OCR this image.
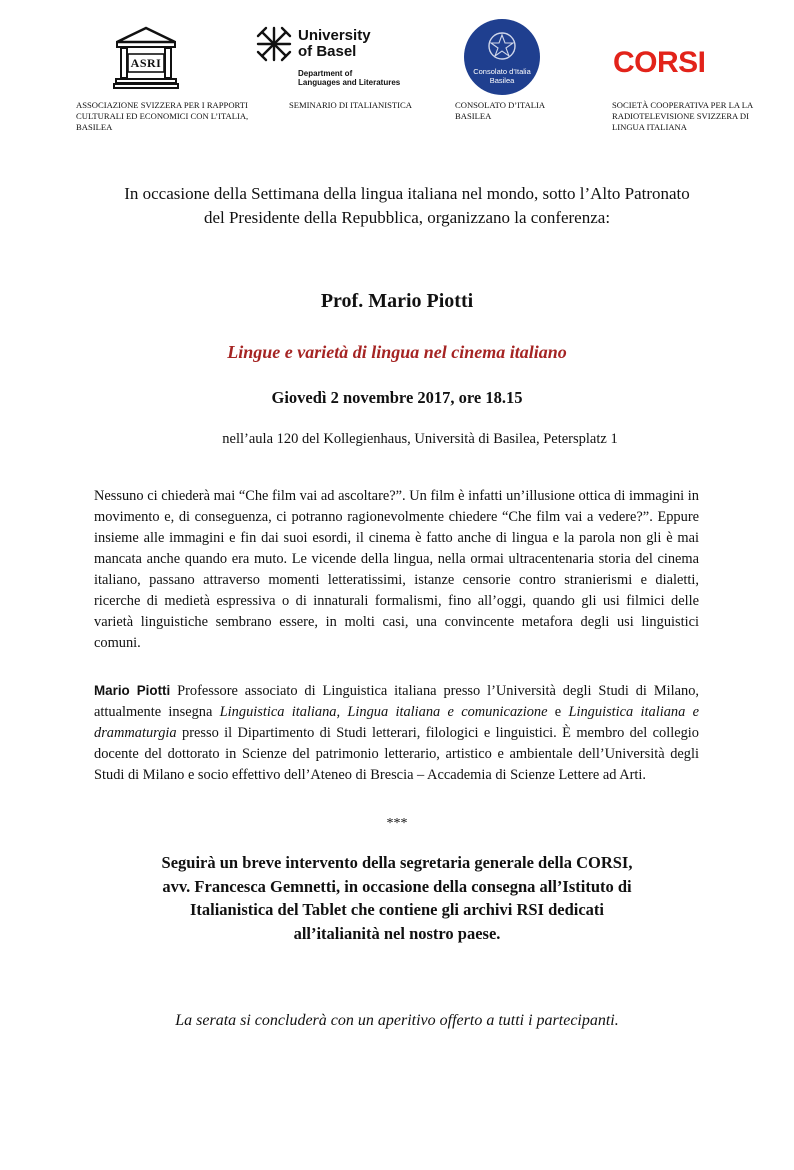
ASRI
University
of Basel
Department of
Languages and Literatures
Consolato d’Italia Basilea
CORSI
ASSOCIAZIONE SVIZZERA PER I RAPPORTI CULTURALI ED ECONOMICI CON L’ITALIA, BASILEA
SEMINARIO DI ITALIANISTICA	CONSOLATO D’ITALIA BASILEA
SOCIETÀ COOPERATIVA PER LA LA RADIOTELEVISIONE SVIZZERA DI LINGUA ITALIANA
In occasione della Settimana della lingua italiana nel mondo, sotto l’Alto Patronato del Presidente della Repubblica, organizzano la conferenza:
Prof. Mario Piotti
Lingue e varietà di lingua nel cinema italiano
Giovedì 2 novembre 2017, ore 18.15
nell’aula 120 del Kollegienhaus, Università di Basilea, Petersplatz 1
Nessuno ci chiederà mai “Che film vai ad ascoltare?”. Un film è infatti un’illusione ottica di immagini in movimento e, di conseguenza, ci potranno ragionevolmente chiedere “Che film vai a vedere?”. Eppure insieme alle immagini e fin dai suoi esordi, il cinema è fatto anche di lingua e la parola non gli è mai mancata anche quando era muto. Le vicende della lingua, nella ormai ultracentenaria storia del cinema italiano, passano attraverso momenti letteratissimi, istanze censorie contro stranierismi e dialetti, ricerche di medietà espressiva o di innaturali formalismi, fino all’oggi, quando gli usi filmici delle varietà linguistiche sembrano essere, in molti casi, una convincente metafora degli usi linguistici comuni.
Mario Piotti Professore associato di Linguistica italiana presso l’Università degli Studi di Milano, attualmente insegna Linguistica italiana, Lingua italiana e comunicazione e Linguistica italiana e drammaturgia presso il Dipartimento di Studi letterari, filologici e linguistici. È membro del collegio docente del dottorato in Scienze del patrimonio letterario, artistico e ambientale dell’Università degli Studi di Milano e socio effettivo dell’Ateneo di Brescia – Accademia di Scienze Lettere ad Arti.
***
Seguirà un breve intervento della segretaria generale della CORSI,
avv. Francesca Gemnetti, in occasione della consegna all’Istituto di
Italianistica del Tablet che contiene gli archivi RSI dedicati
all’italianità nel nostro paese.
La serata si concluderà con un aperitivo offerto a tutti i partecipanti.
